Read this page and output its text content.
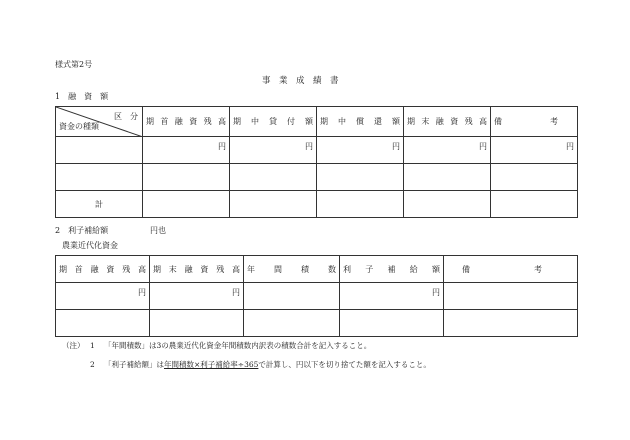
様式第2号
事　業　成　績　書
1　融　資　額
区　分
資金の種類	期首融資残高	期中貸付額	期中償還額	期末融資残高	備　　　　　　考
	円	円	円	円	円

計					
2　利子補給額	円也
農業近代化資金
期首融資残高	期末融資残高	年間積数	利子補給額	備　　　　　　　　考
円	円		円	

（注） 1 「年間積数」は3の農業近代化資金年間積数内訳表の積数合計を記入すること。
2 「利子補給額」は年間積数×利子補給率÷365で計算し、円以下を切り捨てた額を記入すること。
